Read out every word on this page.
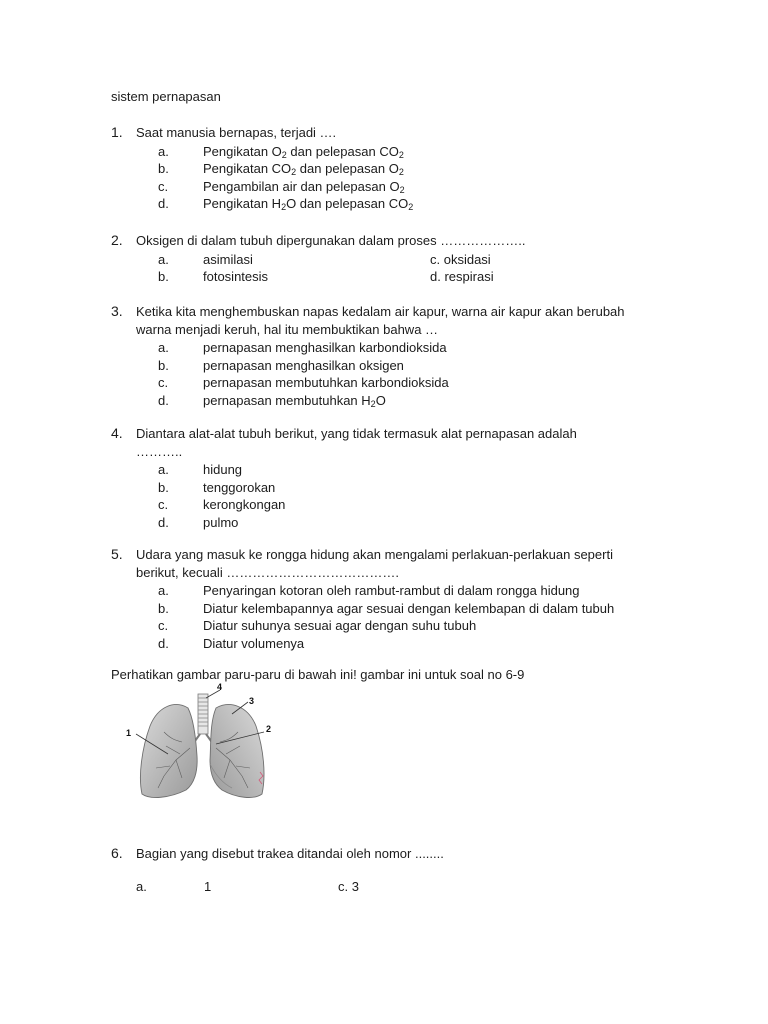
sistem pernapasan
1. Saat manusia bernapas, terjadi ….
a.	Pengikatan $O_2$ dan pelepasan $CO_2$
b.	Pengikatan $CO_2$ dan pelepasan $O_2$
c.	Pengambilan air dan pelepasan $O_2$
d.	Pengikatan $H_2O$ dan pelepasan $CO_2$
2. Oksigen di dalam tubuh dipergunakan dalam proses ………………..
a.	asimilasi	c. oksidasi
b.	fotosintesis	d. respirasi
3. Ketika kita menghembuskan napas kedalam air kapur, warna air kapur akan berubah
warna menjadi keruh, hal itu membuktikan bahwa …
a.	pernapasan menghasilkan karbondioksida
b.	pernapasan menghasilkan oksigen
c.	pernapasan membutuhkan karbondioksida
d.	pernapasan membutuhkan $H_2O$
4. Diantara alat-alat tubuh berikut, yang tidak termasuk alat pernapasan adalah
………..
a.	hidung
b.	tenggorokan
c.	kerongkongan
d.	pulmo
5. Udara yang masuk ke rongga hidung akan mengalami perlakuan-perlakuan seperti
berikut, kecuali ………………………………….
a.	Penyaringan kotoran oleh rambut-rambut di dalam rongga hidung
b.	Diatur kelembapannya agar sesuai dengan kelembapan di dalam tubuh
c.	Diatur suhunya sesuai agar dengan suhu tubuh
d.	Diatur volumenya
Perhatikan gambar paru-paru di bawah ini! gambar ini untuk soal no 6-9
1	2
3
4
6. Bagian yang disebut trakea ditandai oleh nomor ........
a.	1	c. 3
